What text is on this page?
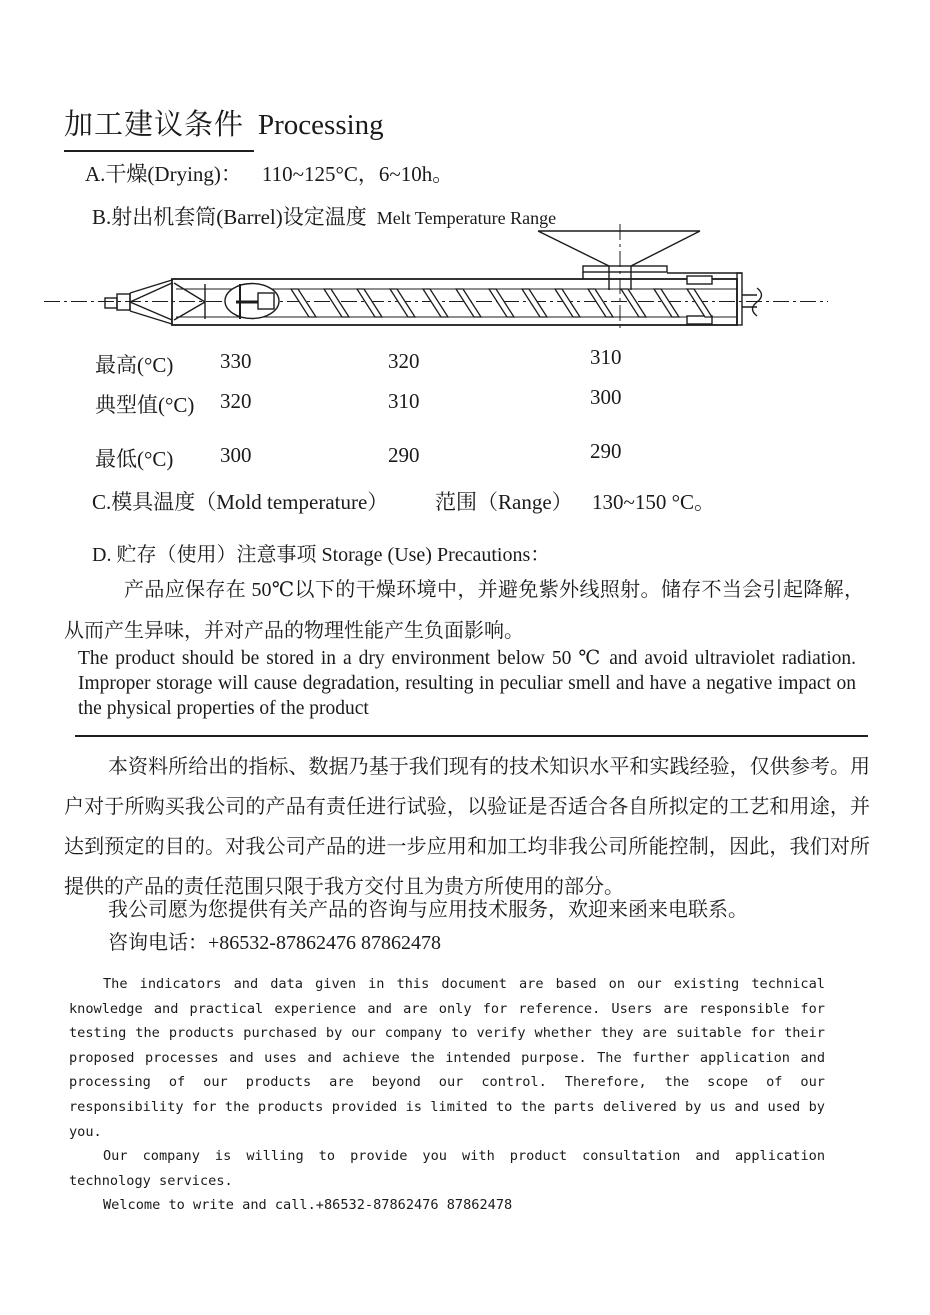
加工建议条件 Processing
A.干燥(Drying)： 110~125°C，6~10h。
B.射出机套筒(Barrel)设定温度 Melt Temperature Range
最高(°C) 330	320	310
典型值(°C) 320	310	300
最低(°C) 300	290	290
C.模具温度（Mold temperature） 范围（Range） 130~150 °C。
D. 贮存（使用）注意事项 Storage (Use) Precautions：
产品应保存在 50℃以下的干燥环境中，并避免紫外线照射。储存不当会引起降解，从而产生异味，并对产品的物理性能产生负面影响。
The product should be stored in a dry environment below 50 ℃ and avoid ultraviolet radiation. Improper storage will cause degradation, resulting in peculiar smell and have a negative impact on the physical properties of the product
本资料所给出的指标、数据乃基于我们现有的技术知识水平和实践经验，仅供参考。用户对于所购买我公司的产品有责任进行试验，以验证是否适合各自所拟定的工艺和用途，并达到预定的目的。对我公司产品的进一步应用和加工均非我公司所能控制，因此，我们对所提供的产品的责任范围只限于我方交付且为贵方所使用的部分。
我公司愿为您提供有关产品的咨询与应用技术服务，欢迎来函来电联系。
咨询电话：+86532-87862476 87862478

The indicators and data given in this document are based on our existing technical knowledge and practical experience and are only for reference. Users are responsible for testing the products purchased by our company to verify whether they are suitable for their proposed processes and uses and achieve the intended purpose. The further application and processing of our products are beyond our control. Therefore, the scope of our responsibility for the products provided is limited to the parts delivered by us and used by you.

Our company is willing to provide you with product consultation and application technology services.

Welcome to write and call.+86532-87862476 87862478
